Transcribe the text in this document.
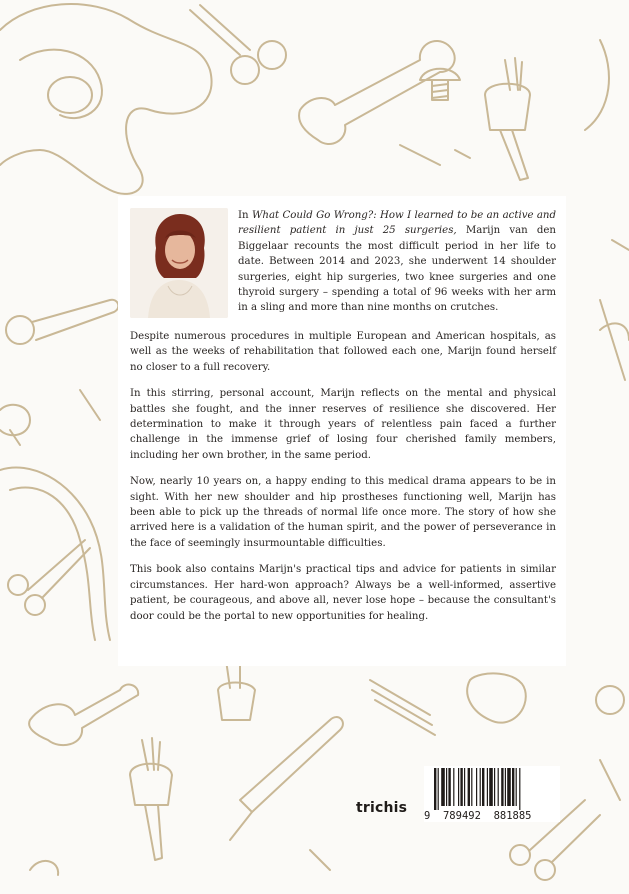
In What Could Go Wrong?: How I learned to be an active and resilient patient in just 25 surgeries, Marijn van den Biggelaar recounts the most difficult period in her life to date. Between 2014 and 2023, she underwent 14 shoulder surgeries, eight hip surgeries, two knee surgeries and one thyroid surgery – spending a total of 96 weeks with her arm in a sling and more than nine months on crutches.

Despite numerous procedures in multiple European and American hospitals, as well as the weeks of rehabilitation that followed each one, Marijn found herself no closer to a full recovery.

In this stirring, personal account, Marijn reflects on the mental and physical battles she fought, and the inner reserves of resilience she discovered. Her determination to make it through years of relentless pain faced a further challenge in the immense grief of losing four cherished family members, including her own brother, in the same period.

Now, nearly 10 years on, a happy ending to this medical drama appears to be in sight. With her new shoulder and hip prostheses functioning well, Marijn has been able to pick up the threads of normal life once more. The story of how she arrived here is a validation of the human spirit, and the power of perseverance in the face of seemingly insurmountable difficulties.

This book also contains Marijn's practical tips and advice for patients in similar circumstances. Her hard-won approach? Always be a well-informed, assertive patient, be courageous, and above all, never lose hope – because the consultant's door could be the portal to new opportunities for healing.

trichis 9 789492 881885
